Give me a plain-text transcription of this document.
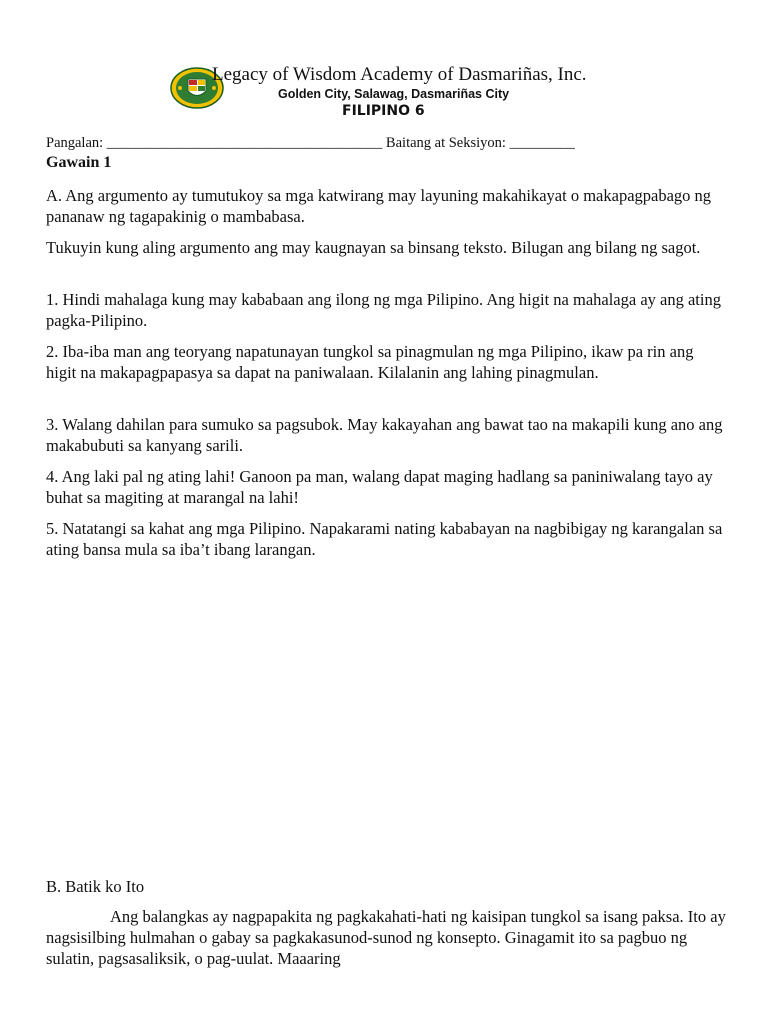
Legacy of Wisdom Academy of Dasmariñas, Inc.
Golden City, Salawag, Dasmariñas City
FILIPINO 6
Pangalan: ______________________________________ Baitang at Seksiyon: _________
Gawain 1

A. Ang argumento ay tumutukoy sa mga katwirang may layuning makahikayat o makapagpabago ng pananaw ng tagapakinig o mambabasa.

Tukuyin kung aling argumento ang may kaugnayan sa binsang teksto. Bilugan ang bilang ng sagot.

1. Hindi mahalaga kung may kababaan ang ilong ng mga Pilipino. Ang higit na mahalaga ay ang ating pagka-Pilipino.

2. Iba-iba man ang teoryang napatunayan tungkol sa pinagmulan ng mga Pilipino, ikaw pa rin ang higit na makapagpapasya sa dapat na paniwalaan. Kilalanin ang lahing pinagmulan.

3. Walang dahilan para sumuko sa pagsubok. May kakayahan ang bawat tao na makapili kung ano ang makabubuti sa kanyang sarili.

4. Ang laki pal ng ating lahi! Ganoon pa man, walang dapat maging hadlang sa paniniwalang tayo ay buhat sa magiting at marangal na lahi!

5. Natatangi sa kahat ang mga Pilipino. Napakarami nating kababayan na nagbibigay ng karangalan sa ating bansa mula sa iba’t ibang larangan.

B. Batik ko Ito

Ang balangkas ay nagpapakita ng pagkakahati-hati ng kaisipan tungkol sa isang paksa. Ito ay nagsisilbing hulmahan o gabay sa pagkakasunod-sunod ng konsepto. Ginagamit ito sa pagbuo ng sulatin, pagsasaliksik, o pag-uulat. Maaaring
